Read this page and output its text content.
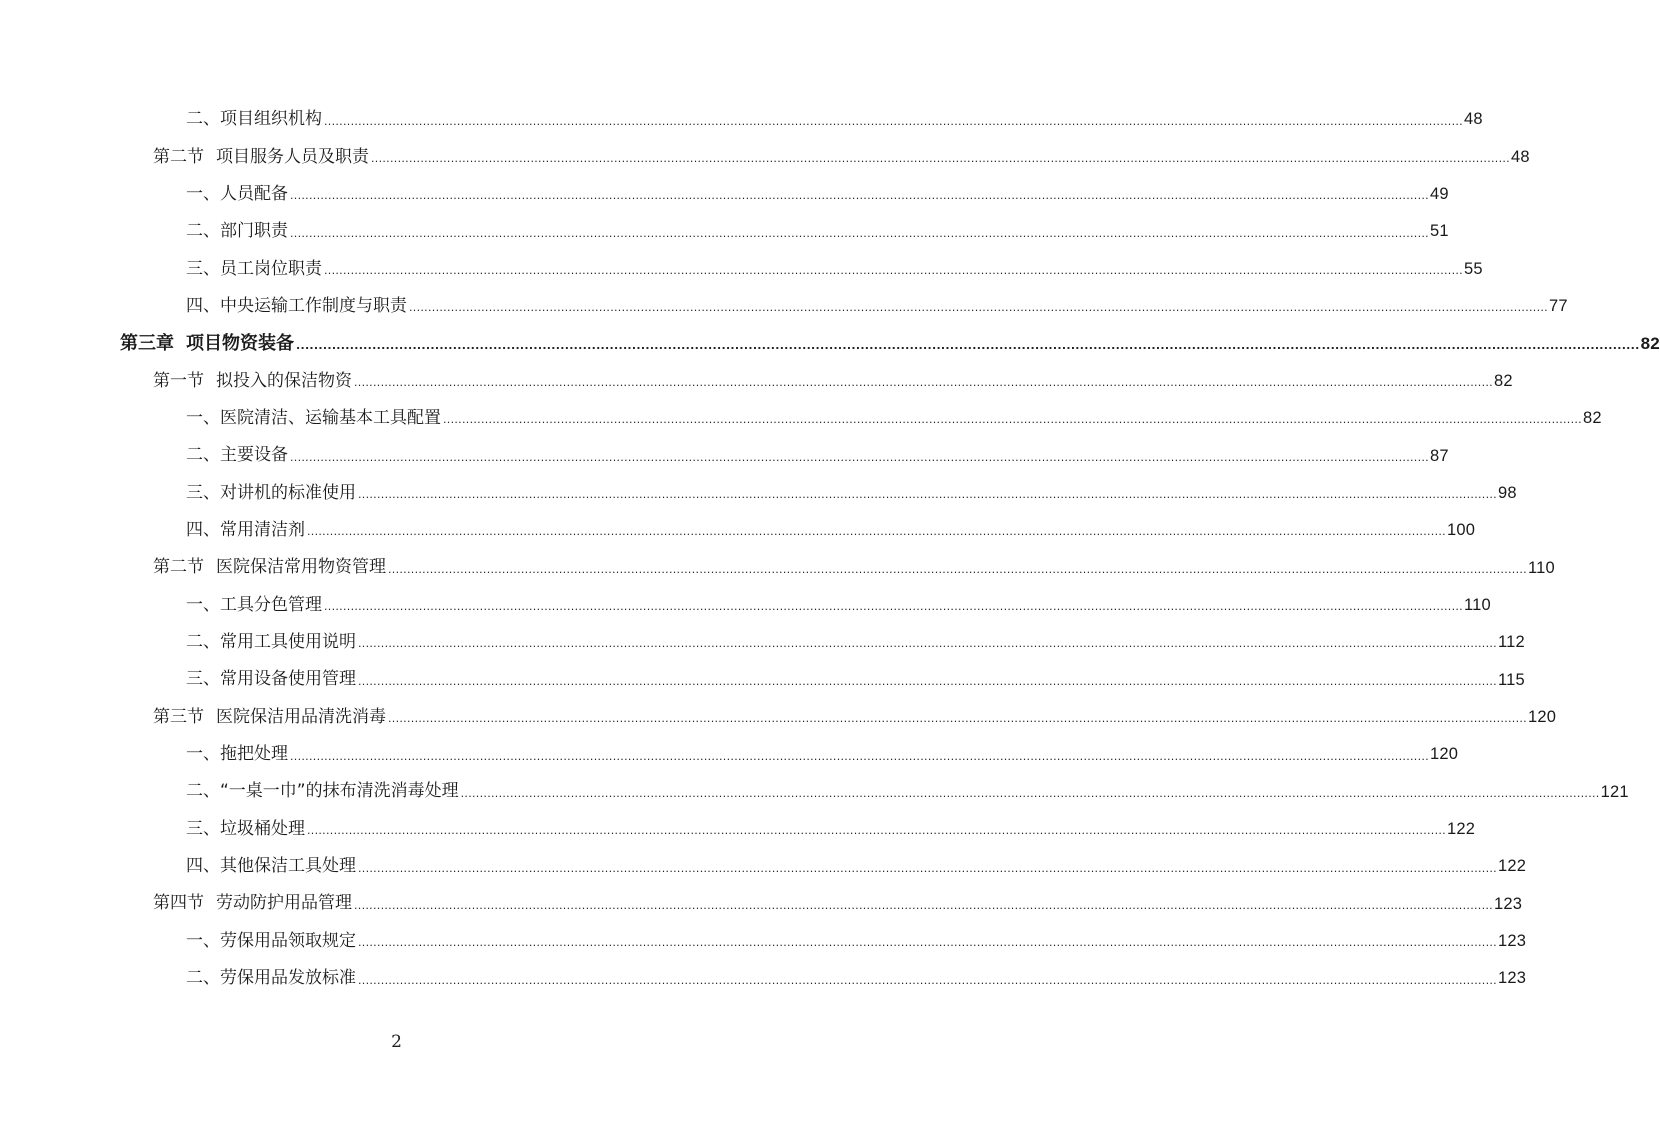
二、项目组织机构 ............................................................................................................................................................................................................................................................................................................ 48
第二节 项目服务人员及职责 ............................................................................................................................................................................................................................................................................................................ 48
一、人员配备 ............................................................................................................................................................................................................................................................................................................ 49
二、部门职责 ............................................................................................................................................................................................................................................................................................................ 51
三、员工岗位职责 ............................................................................................................................................................................................................................................................................................................ 55
四、中央运输工作制度与职责 ............................................................................................................................................................................................................................................................................................................ 77
第三章 项目物资装备 ............................................................................................................................................................................................................................................................................................................ 82
第一节 拟投入的保洁物资 ............................................................................................................................................................................................................................................................................................................ 82
一、医院清洁、运输基本工具配置 ............................................................................................................................................................................................................................................................................................................ 82
二、主要设备 ............................................................................................................................................................................................................................................................................................................ 87
三、对讲机的标准使用 ............................................................................................................................................................................................................................................................................................................ 98
四、常用清洁剂 ............................................................................................................................................................................................................................................................................................................ 100
第二节 医院保洁常用物资管理 ............................................................................................................................................................................................................................................................................................................ 110
一、工具分色管理 ............................................................................................................................................................................................................................................................................................................ 110
二、常用工具使用说明 ............................................................................................................................................................................................................................................................................................................ 112
三、常用设备使用管理 ............................................................................................................................................................................................................................................................................................................ 115
第三节 医院保洁用品清洗消毒 ............................................................................................................................................................................................................................................................................................................ 120
一、拖把处理 ............................................................................................................................................................................................................................................................................................................ 120
二、“一桌一巾”的抹布清洗消毒处理 ............................................................................................................................................................................................................................................................................................................ 121
三、垃圾桶处理 ............................................................................................................................................................................................................................................................................................................ 122
四、其他保洁工具处理 ............................................................................................................................................................................................................................................................................................................ 122
第四节 劳动防护用品管理 ............................................................................................................................................................................................................................................................................................................ 123
一、劳保用品领取规定 ............................................................................................................................................................................................................................................................................................................ 123
二、劳保用品发放标准 ............................................................................................................................................................................................................................................................................................................ 123
2
